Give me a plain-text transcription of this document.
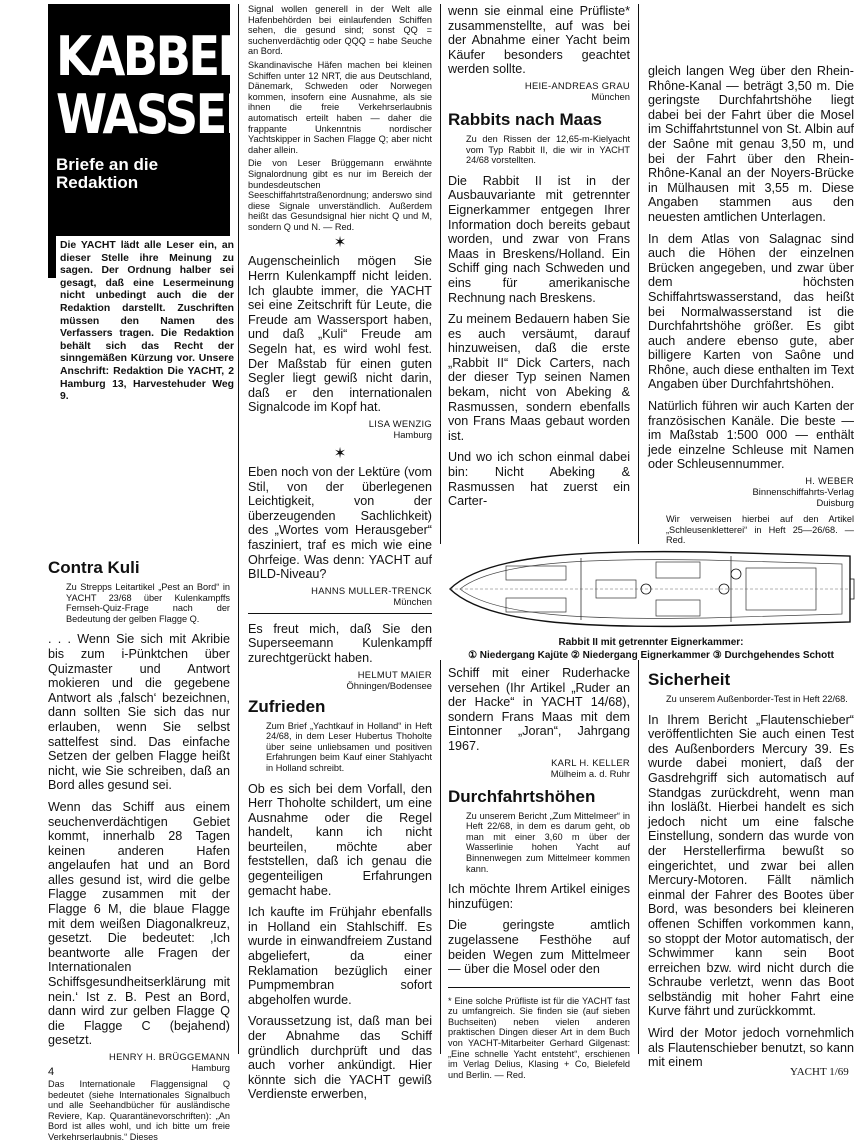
KABBEL WASSER
Briefe an die Redaktion
Die YACHT lädt alle Leser ein, an dieser Stelle ihre Meinung zu sagen. Der Ordnung halber sei gesagt, daß eine Lesermeinung nicht unbedingt auch die der Redaktion darstellt. Zuschriften müssen den Namen des Verfassers tragen. Die Redaktion behält sich das Recht der sinngemäßen Kürzung vor. Unsere Anschrift: Redaktion Die YACHT, 2 Hamburg 13, Harvestehuder Weg 9.
Contra Kuli

Zu Strepps Leitartikel „Pest an Bord“ in YACHT 23/68 über Kulenkampffs Fernseh-Quiz-Frage nach der Bedeutung der gelben Flagge Q.

. . . Wenn Sie sich mit Akribie bis zum i-Pünktchen über Quizmaster und Antwort mokieren und die gegebene Antwort als ‚falsch‘ bezeichnen, dann sollten Sie sich das nur erlauben, wenn Sie selbst sattelfest sind. Das einfache Setzen der gelben Flagge heißt nicht, wie Sie schreiben, daß an Bord alles gesund sei.

Wenn das Schiff aus einem seuchenverdächtigen Gebiet kommt, innerhalb 28 Tagen keinen anderen Hafen angelaufen hat und an Bord alles gesund ist, wird die gelbe Flagge zusammen mit der Flagge 6 M, die blaue Flagge mit dem weißen Diagonalkreuz, gesetzt. Die bedeutet: ‚Ich beantworte alle Fragen der Internationalen Schiffsgesundheitserklärung mit nein.‘ Ist z. B. Pest an Bord, dann wird zur gelben Flagge Q die Flagge C (bejahend) gesetzt.

HENRY H. BRÜGGEMANN
Hamburg

Das Internationale Flaggensignal Q bedeutet (siehe Internationales Signalbuch und alle Seehandbücher für ausländische Reviere, Kap. Quarantänevorschriften): „An Bord ist alles wohl, und ich bitte um freie Verkehrserlaubnis.“ Dieses

Signal wollen generell in der Welt alle Hafenbehörden bei einlaufenden Schiffen sehen, die gesund sind; sonst QQ = suchenverdächtig oder QQQ = habe Seuche an Bord.

Skandinavische Häfen machen bei kleinen Schiffen unter 12 NRT, die aus Deutschland, Dänemark, Schweden oder Norwegen kommen, insofern eine Ausnahme, als sie ihnen die freie Verkehrserlaubnis automatisch erteilt haben — daher die frappante Unkenntnis nordischer Yachtskipper in Sachen Flagge Q; aber nicht daher allein.

Die von Leser Brüggemann erwähnte Signalordnung gibt es nur im Bereich der bundesdeutschen Seeschiffahrtstraßenordnung; anderswo sind diese Signale unverständlich. Außerdem heißt das Gesundsignal hier nicht Q und M, sondern Q und N. — Red.

✶

Augenscheinlich mögen Sie Herrn Kulenkampff nicht leiden. Ich glaubte immer, die YACHT sei eine Zeitschrift für Leute, die Freude am Wassersport haben, und daß „Kuli“ Freude am Segeln hat, es wird wohl fest. Der Maßstab für einen guten Segler liegt gewiß nicht darin, daß er den internationalen Signalcode im Kopf hat.

LISA WENZIG
Hamburg

✶

Eben noch von der Lektüre (vom Stil, von der überlegenen Leichtigkeit, von der überzeugenden Sachlichkeit) des „Wortes vom Herausgeber“ fasziniert, traf es mich wie eine Ohrfeige. Was denn: YACHT auf BILD-Niveau?

HANNS MULLER-TRENCK
München

Es freut mich, daß Sie den Superseemann Kulenkampff zurechtgerückt haben.

HELMUT MAIER
Öhningen/Bodensee

Zufrieden

Zum Brief „Yachtkauf in Holland“ in Heft 24/68, in dem Leser Hubertus Thoholte über seine unliebsamen und positiven Erfahrungen beim Kauf einer Stahlyacht in Holland schreibt.

Ob es sich bei dem Vorfall, den Herr Thoholte schildert, um eine Ausnahme oder die Regel handelt, kann ich nicht beurteilen, möchte aber feststellen, daß ich genau die gegenteiligen Erfahrungen gemacht habe.

Ich kaufte im Frühjahr ebenfalls in Holland ein Stahlschiff. Es wurde in einwandfreiem Zustand abgeliefert, da einer Reklamation bezüglich einer Pumpmembran sofort abgeholfen wurde.

Voraussetzung ist, daß man bei der Abnahme das Schiff gründlich durchprüft und das auch vorher ankündigt. Hier könnte sich die YACHT gewiß Verdienste erwerben,

wenn sie einmal eine Prüfliste* zusammenstellte, auf was bei der Abnahme einer Yacht beim Käufer besonders geachtet werden sollte.

HEIE-ANDREAS GRAU
München

Rabbits nach Maas

Zu den Rissen der 12,65-m-Kielyacht vom Typ Rabbit II, die wir in YACHT 24/68 vorstellten.

Die Rabbit II ist in der Ausbauvariante mit getrennter Eignerkammer entgegen Ihrer Information doch bereits gebaut worden, und zwar von Frans Maas in Breskens/Holland. Ein Schiff ging nach Schweden und eins für amerikanische Rechnung nach Breskens.

Zu meinem Bedauern haben Sie es auch versäumt, darauf hinzuweisen, daß die erste „Rabbit II“ Dick Carters, nach der dieser Typ seinen Namen bekam, nicht von Abeking & Rasmussen, sondern ebenfalls von Frans Maas gebaut worden ist.

Und wo ich schon einmal dabei bin: Nicht Abeking & Rasmussen hat zuerst ein Carter-

gleich langen Weg über den Rhein-Rhône-Kanal — beträgt 3,50 m. Die geringste Durchfahrtshöhe liegt dabei bei der Fahrt über die Mosel im Schiffahrtstunnel von St. Albin auf der Saône mit genau 3,50 m, und bei der Fahrt über den Rhein-Rhône-Kanal an der Noyers-Brücke in Mülhausen mit 3,55 m. Diese Angaben stammen aus den neuesten amtlichen Unterlagen.

In dem Atlas von Salagnac sind auch die Höhen der einzelnen Brücken angegeben, und zwar über dem höchsten Schiffahrtswasserstand, das heißt bei Normalwasserstand ist die Durchfahrtshöhe größer. Es gibt auch andere ebenso gute, aber billigere Karten von Saône und Rhône, auch diese enthalten im Text Angaben über Durchfahrtshöhen.

Natürlich führen wir auch Karten der französischen Kanäle. Die beste — im Maßstab 1:500 000 — enthält jede einzelne Schleuse mit Namen oder Schleusennummer.

H. WEBER
Binnenschiffahrts-Verlag
Duisburg

Wir verweisen hierbei auf den Artikel „Schleusenkletterei“ in Heft 25—26/68. — Red.

Rabbit II mit getrennter Eignerkammer:
① Niedergang Kajüte ② Niedergang Eignerkammer ③ Durchgehendes Schott

Schiff mit einer Ruderhacke versehen (Ihr Artikel „Ruder an der Hacke“ in YACHT 14/68), sondern Frans Maas mit dem Eintonner „Joran“, Jahrgang 1967.

KARL H. KELLER
Mülheim a. d. Ruhr

Durchfahrtshöhen

Zu unserem Bericht „Zum Mittelmeer“ in Heft 22/68, in dem es darum geht, ob man mit einer 3,60 m über der Wasserlinie hohen Yacht auf Binnenwegen zum Mittelmeer kommen kann.

Ich möchte Ihrem Artikel einiges hinzufügen:

Die geringste amtlich zugelassene Festhöhe auf beiden Wegen zum Mittelmeer — über die Mosel oder den

* Eine solche Prüfliste ist für die YACHT fast zu umfangreich. Sie finden sie (auf sieben Buchseiten) neben vielen anderen praktischen Dingen dieser Art in dem Buch von YACHT-Mitarbeiter Gerhard Gilgenast: „Eine schnelle Yacht entsteht“, erschienen im Verlag Delius, Klasing + Co, Bielefeld und Berlin. — Red.

Sicherheit

Zu unserem Außenborder-Test in Heft 22/68.

In Ihrem Bericht „Flautenschieber“ veröffentlichten Sie auch einen Test des Außenborders Mercury 39. Es wurde dabei moniert, daß der Gasdrehgriff sich automatisch auf Standgas zurückdreht, wenn man ihn losläßt. Hierbei handelt es sich jedoch nicht um eine falsche Einstellung, sondern das wurde von der Herstellerfirma bewußt so eingerichtet, und zwar bei allen Mercury-Motoren. Fällt nämlich einmal der Fahrer des Bootes über Bord, was besonders bei kleineren offenen Schiffen vorkommen kann, so stoppt der Motor automatisch, der Schwimmer kann sein Boot erreichen bzw. wird nicht durch die Schraube verletzt, wenn das Boot selbständig mit hoher Fahrt eine Kurve fährt und zurückkommt.

Wird der Motor jedoch vornehmlich als Flautenschieber benutzt, so kann mit einem

4	YACHT 1/69
